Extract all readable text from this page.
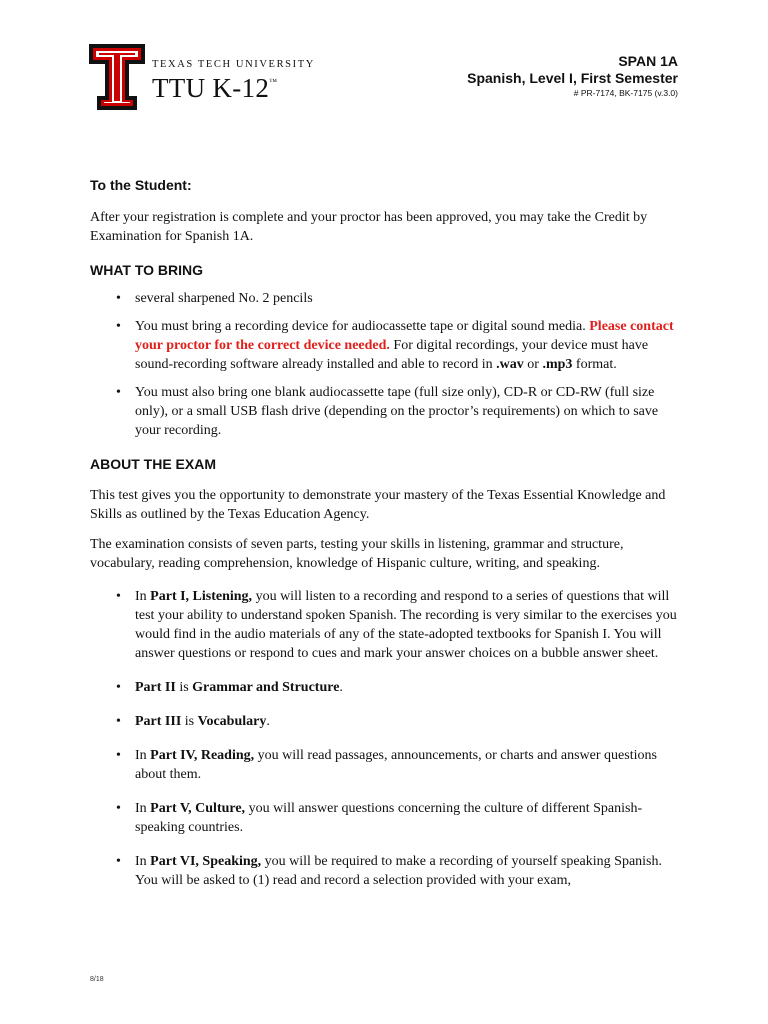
TEXAS TECH UNIVERSITY
TTU K-12™
SPAN 1A
Spanish, Level I, First Semester
# PR-7174, BK-7175 (v.3.0)

To the Student:

After your registration is complete and your proctor has been approved, you may take the Credit by Examination for Spanish 1A.

WHAT TO BRING

• several sharpened No. 2 pencils
• You must bring a recording device for audiocassette tape or digital sound media. Please contact your proctor for the correct device needed. For digital recordings, your device must have sound-recording software already installed and able to record in .wav or .mp3 format.
• You must also bring one blank audiocassette tape (full size only), CD-R or CD-RW (full size only), or a small USB flash drive (depending on the proctor’s requirements) on which to save your recording.

ABOUT THE EXAM

This test gives you the opportunity to demonstrate your mastery of the Texas Essential Knowledge and Skills as outlined by the Texas Education Agency.

The examination consists of seven parts, testing your skills in listening, grammar and structure, vocabulary, reading comprehension, knowledge of Hispanic culture, writing, and speaking.

• In Part I, Listening, you will listen to a recording and respond to a series of questions that will test your ability to understand spoken Spanish. The recording is very similar to the exercises you would find in the audio materials of any of the state-adopted textbooks for Spanish I. You will answer questions or respond to cues and mark your answer choices on a bubble answer sheet.
• Part II is Grammar and Structure.
• Part III is Vocabulary.
• In Part IV, Reading, you will read passages, announcements, or charts and answer questions about them.
• In Part V, Culture, you will answer questions concerning the culture of different Spanish-speaking countries.
• In Part VI, Speaking, you will be required to make a recording of yourself speaking Spanish. You will be asked to (1) read and record a selection provided with your exam,
8/18
